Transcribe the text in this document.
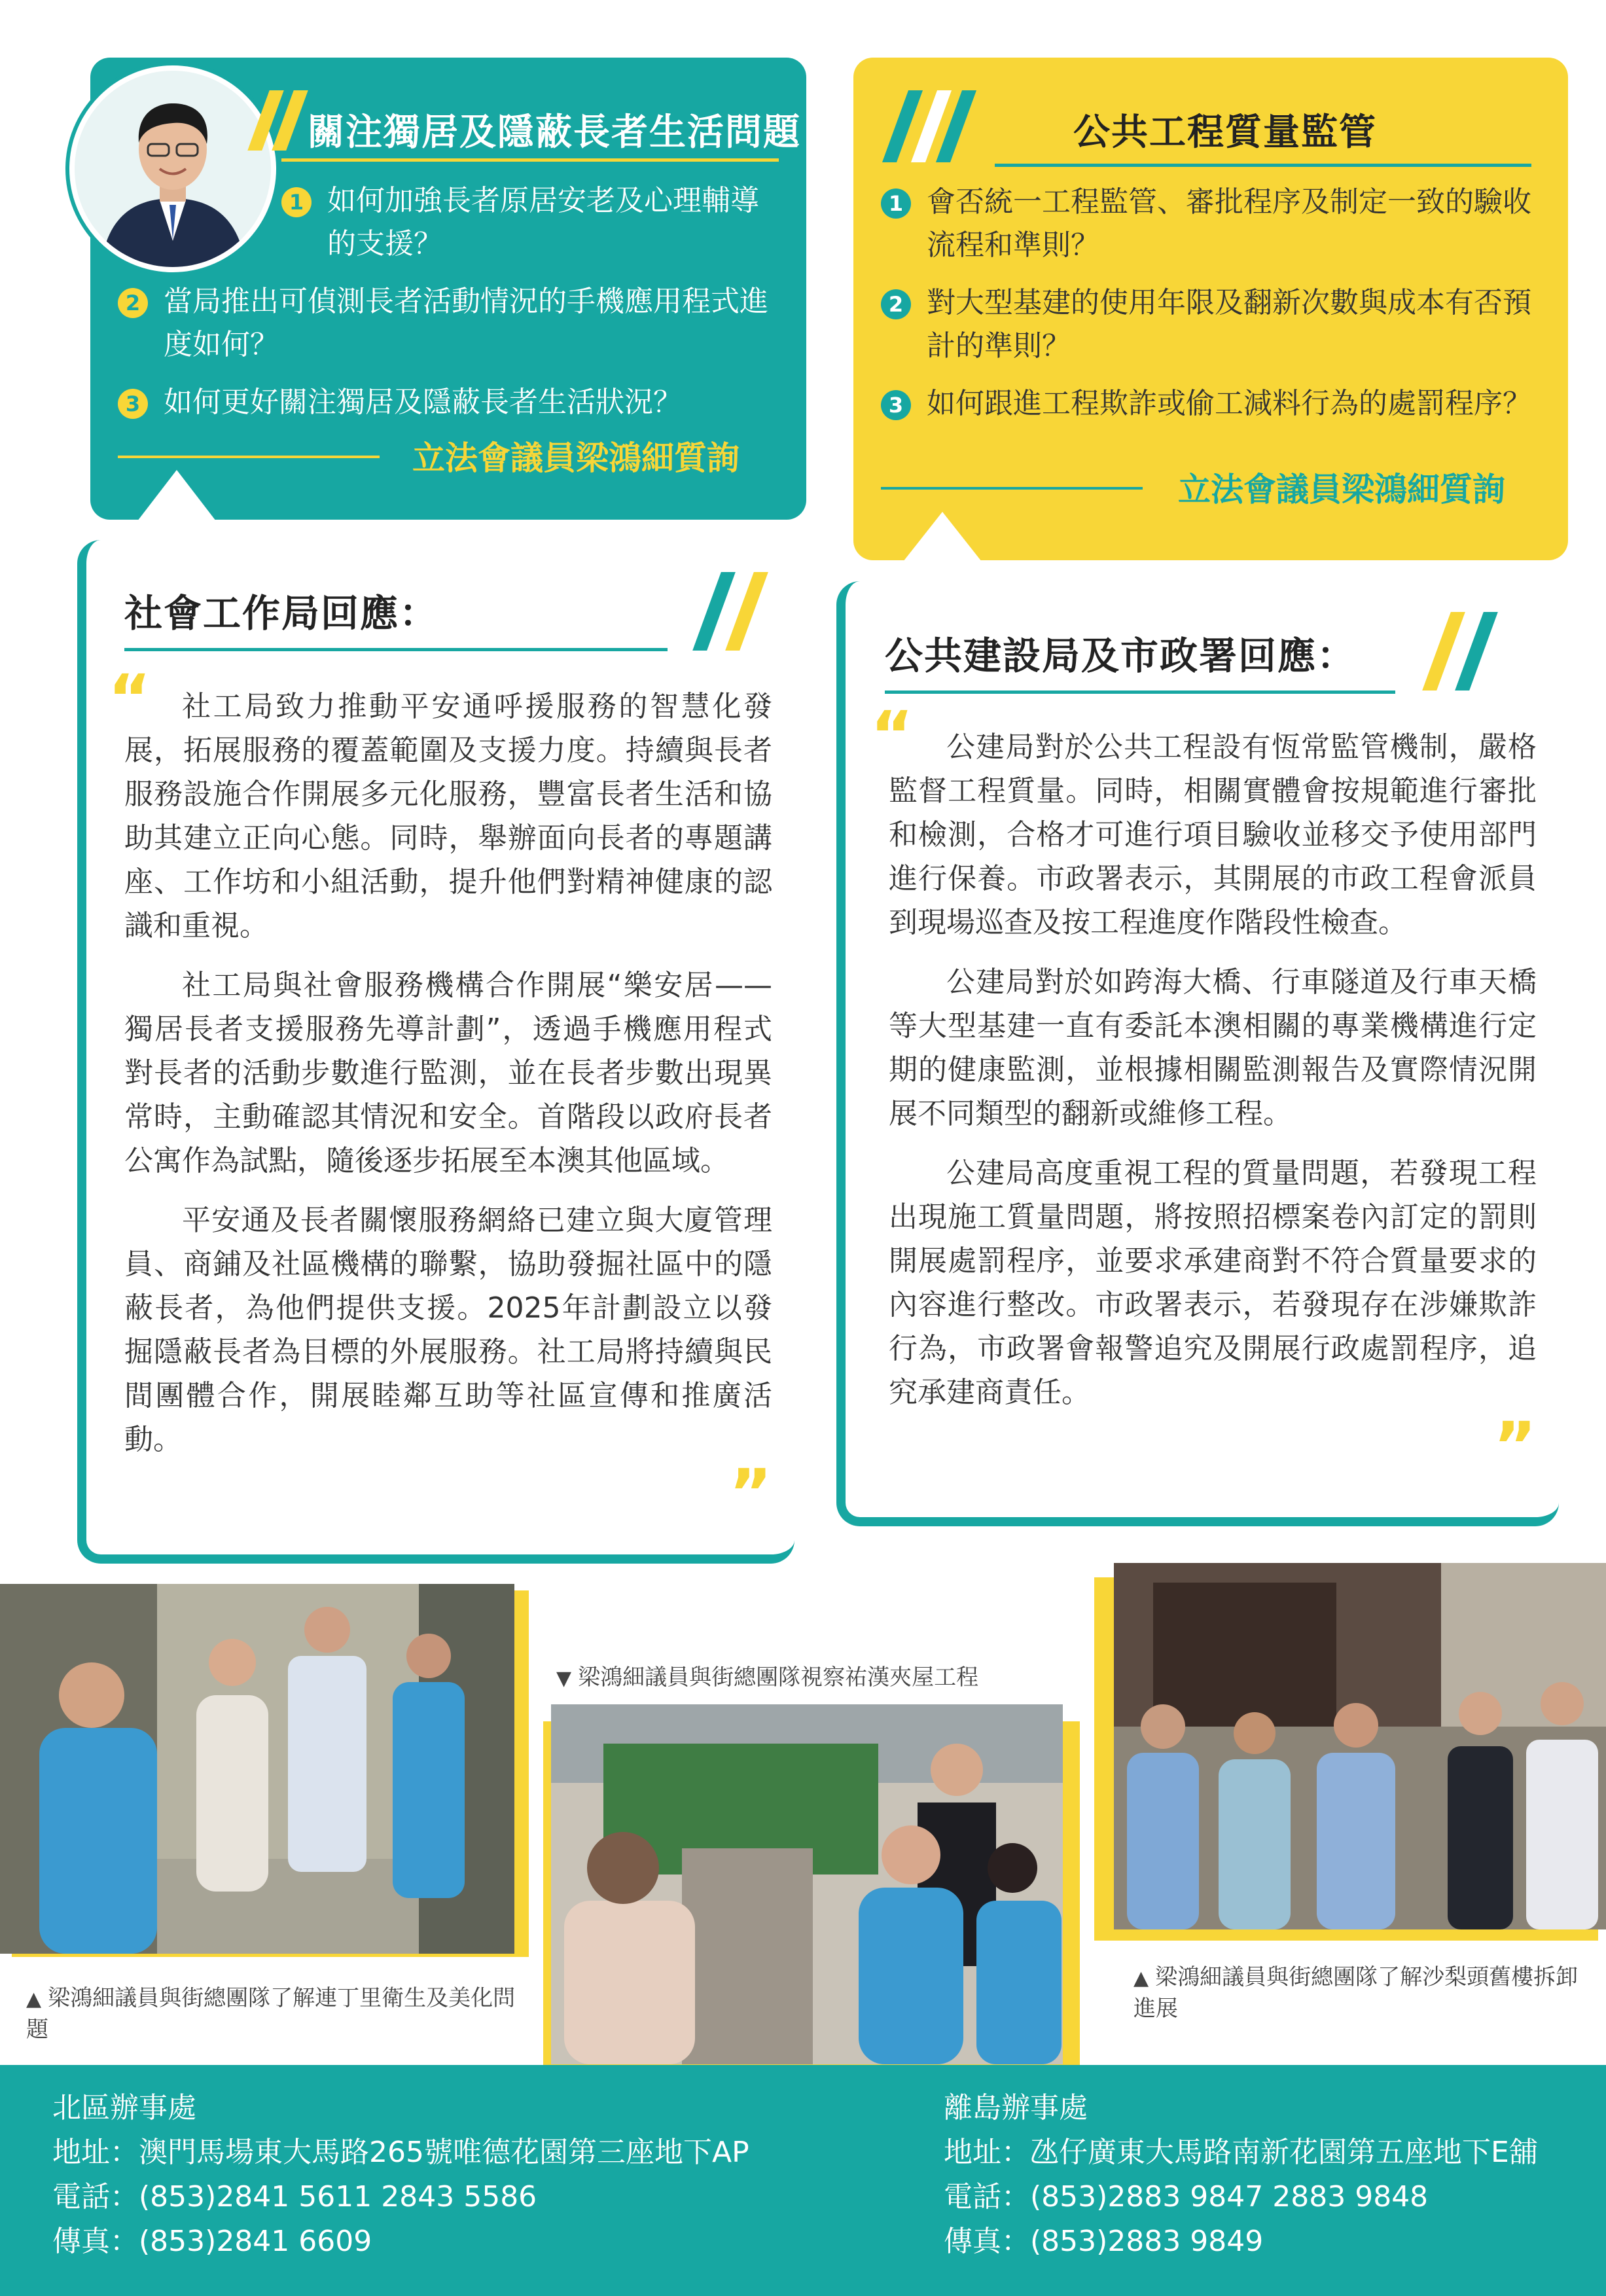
關注獨居及隱蔽長者生活問題
1 如何加強長者原居安老及心理輔導的支援？
2 當局推出可偵測長者活動情況的手機應用程式進度如何？
3 如何更好關注獨居及隱蔽長者生活狀況？
立法會議員梁鴻細質詢
公共工程質量監管
1 會否統一工程監管、審批程序及制定一致的驗收流程和準則？
2 對大型基建的使用年限及翻新次數與成本有否預計的準則？
3 如何跟進工程欺詐或偷工減料行為的處罰程序？
立法會議員梁鴻細質詢
社會工作局回應：
“	社工局致力推動平安通呼援服務的智慧化發展，拓展服務的覆蓋範圍及支援力度。持續與長者服務設施合作開展多元化服務，豐富長者生活和協助其建立正向心態。同時，舉辦面向長者的專題講座、工作坊和小組活動，提升他們對精神健康的認識和重視。

社工局與社會服務機構合作開展“樂安居——獨居長者支援服務先導計劃”，透過手機應用程式對長者的活動步數進行監測，並在長者步數出現異常時，主動確認其情況和安全。首階段以政府長者公寓作為試點，隨後逐步拓展至本澳其他區域。

平安通及長者關懷服務網絡已建立與大廈管理員、商鋪及社區機構的聯繫，協助發掘社區中的隱蔽長者，為他們提供支援。2025年計劃設立以發掘隱蔽長者為目標的外展服務。社工局將持續與民間團體合作，開展睦鄰互助等社區宣傳和推廣活動。

”
公共建設局及市政署回應：
“	公建局對於公共工程設有恆常監管機制，嚴格監督工程質量。同時，相關實體會按規範進行審批和檢測，合格才可進行項目驗收並移交予使用部門進行保養。市政署表示，其開展的市政工程會派員到現場巡查及按工程進度作階段性檢查。

公建局對於如跨海大橋、行車隧道及行車天橋等大型基建一直有委託本澳相關的專業機構進行定期的健康監測，並根據相關監測報告及實際情況開展不同類型的翻新或維修工程。

公建局高度重視工程的質量問題，若發現工程出現施工質量問題，將按照招標案卷內訂定的罰則開展處罰程序，並要求承建商對不符合質量要求的內容進行整改。市政署表示，若發現存在涉嫌欺詐行為，市政署會報警追究及開展行政處罰程序，追究承建商責任。

”
▲ 梁鴻細議員與街總團隊了解連丁里衛生及美化問題
▼ 梁鴻細議員與街總團隊視察祐漢夾屋工程
▲ 梁鴻細議員與街總團隊了解沙梨頭舊樓拆卸進展
北區辦事處
地址：澳門馬場東大馬路265號唯德花園第三座地下AP
電話：(853)2841 5611 2843 5586
傳真：(853)2841 6609
離島辦事處
地址：氹仔廣東大馬路南新花園第五座地下E舖
電話：(853)2883 9847 2883 9848
傳真：(853)2883 9849
